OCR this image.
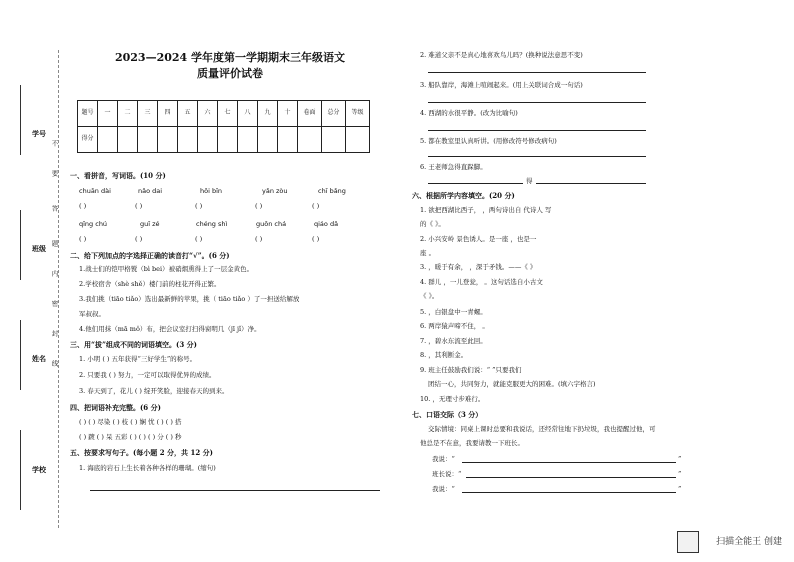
学号
班级
姓名
学校
不
要
答
题
内
密
封
线
2023—2024 学年度第一学期期末三年级语文
质量评价试卷
题号	一	二	三	四	五	六	七	八	九	十	卷面	总分	等级
得分													
一、看拼音，写词语。(10 分)
chuān dài	nǎo dai	hōi bīn	yǎn zòu	chī bǎng
( )	( )	( )	( )	( )
qīng chú	guī zé	chéng shì	guōn chá	qiáo dǎ
( )	( )	( )	( )	( )
二、给下列加点的字选择正确的读音打“√”。(6 分)
1.战士们的铠甲格镋（bì bei）被硝烟熏得上了一层金黄色。
2.学校宿舍（shè shě）楼门前的柱花开得正繁。
3.我们挑（tiāo tiǎo）选出最新鲜的苹果，挑（ tiāo tiǎo ）了一担送给解放
军叔叔。
4.他们用抹（mā mǒ）布，把会议室打扫得窗明几（jī jǐ）净。
三、用“拔”组成不同的词语填空。(3 分)
1. 小明 ( ) 五年获得“三好学生”的称号。
2. 只要我 ( ) 努力，一定可以取得优异的成绩。
3. 春天到了，花儿 ( ) 绽开笑脸，迎接春天的到来。
四、把词语补充完整。(6 分)
( ) ( ) 尽染 ( ) 枝 ( ) 娴 忧 ( ) ( ) 搭
( ) 踱 ( ) 呆 五彩 ( ) ( ) ( ) 分 ( ) 秒
五、按要求写句子。(每小题 2 分，共 12 分)
1. 海底的岩石上生长着各种各样的珊瑚。(缩句)
2. 难道父亲不是真心地喜欢鸟儿吗？(换种说法意思不变)
3. 船队靠岸，海滩上喧闹起来。(用上关联词合成一句话)
4. 西湖的水很平静。(改为比喻句)
5. 都在教室里认真听讲。(用修改符号修改病句)
6. 王老师急得直跺脚。
得
六、根据所学内容填空。(20 分)
1. 欲把西湖比西子， ，两句诗出自 代诗人 写
的《 》。
2. 小兴安岭 景色诱人。是一座 ，也是一
座 。
3. ，暖于有余， ，深于矛钱。——《 》
4. 群儿 ，一儿登瓮， 。这句话选自小古文
《 》。
5. ，白银盘中一青螺。
6. 两岸猿声啼不住， 。
7. ，碧水东流至此回。
8. ，其利断金。
9. 班主任鼓励我们说：“ ”只要我们
团结一心，共同努力，就能克服更大的困难。(填六字格言)
10. ，无理寸步难行。
七、口语交际（3 分）
交际情境：同桌上课时总要和我说话，还经常往地下扔垃圾，我也提醒过他，可
他总是不在意，我要请教一下班长。
我说：“	”
班长说：“	”
我说：“	”
扫描全能王 创建
